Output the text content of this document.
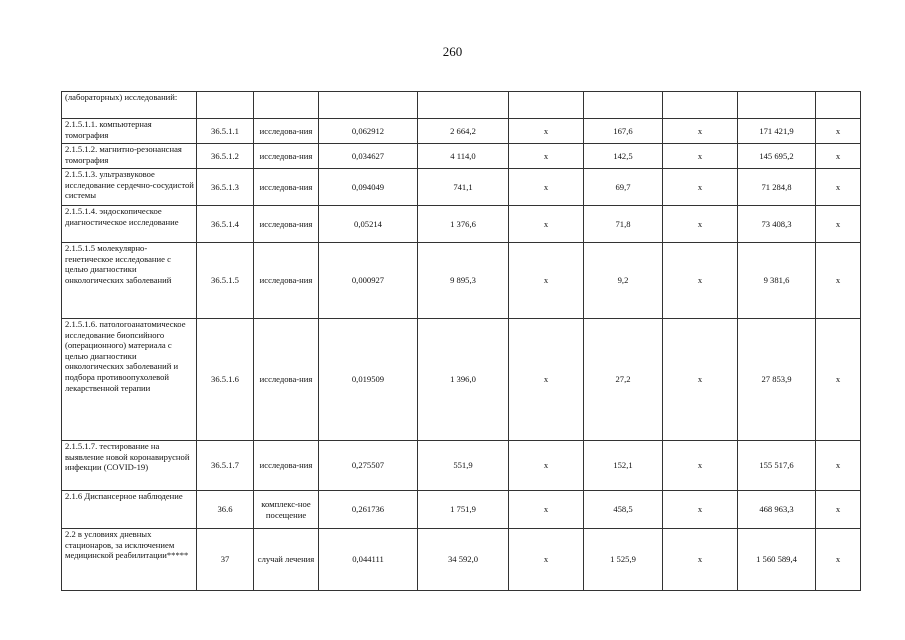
260
(лабораторных) исследований:									
2.1.5.1.1. компьютерная томография	36.5.1.1	исследова-ния	0,062912	2 664,2	х	167,6	х	171 421,9	х
2.1.5.1.2. магнитно-резонансная томография	36.5.1.2	исследова-ния	0,034627	4 114,0	х	142,5	х	145 695,2	х
2.1.5.1.3. ультразвуковое исследование сердечно-сосудистой системы	36.5.1.3	исследова-ния	0,094049	741,1	х	69,7	х	71 284,8	х
2.1.5.1.4. эндоскопическое диагностическое исследование	36.5.1.4	исследова-ния	0,05214	1 376,6	х	71,8	х	73 408,3	х
2.1.5.1.5 молекулярно-генетическое исследование с целью диагностики онкологических заболеваний	36.5.1.5	исследова-ния	0,000927	9 895,3	х	9,2	х	9 381,6	х
2.1.5.1.6. патологоанатомическое исследование биопсийного (операционного) материала с целью диагностики онкологических заболеваний и подбора противоопухолевой лекарственной терапии	36.5.1.6	исследова-ния	0,019509	1 396,0	х	27,2	х	27 853,9	х
2.1.5.1.7. тестирование на выявление новой коронавирусной инфекции (COVID-19)	36.5.1.7	исследова-ния	0,275507	551,9	х	152,1	х	155 517,6	х
2.1.6 Диспансерное наблюдение	36.6	комплекс-ное посещение	0,261736	1 751,9	х	458,5	х	468 963,3	х
2.2 в условиях дневных стационаров, за исключением медицинской реабилитации*****	37	случай лечения	0,044111	34 592,0	х	1 525,9	х	1 560 589,4	х
